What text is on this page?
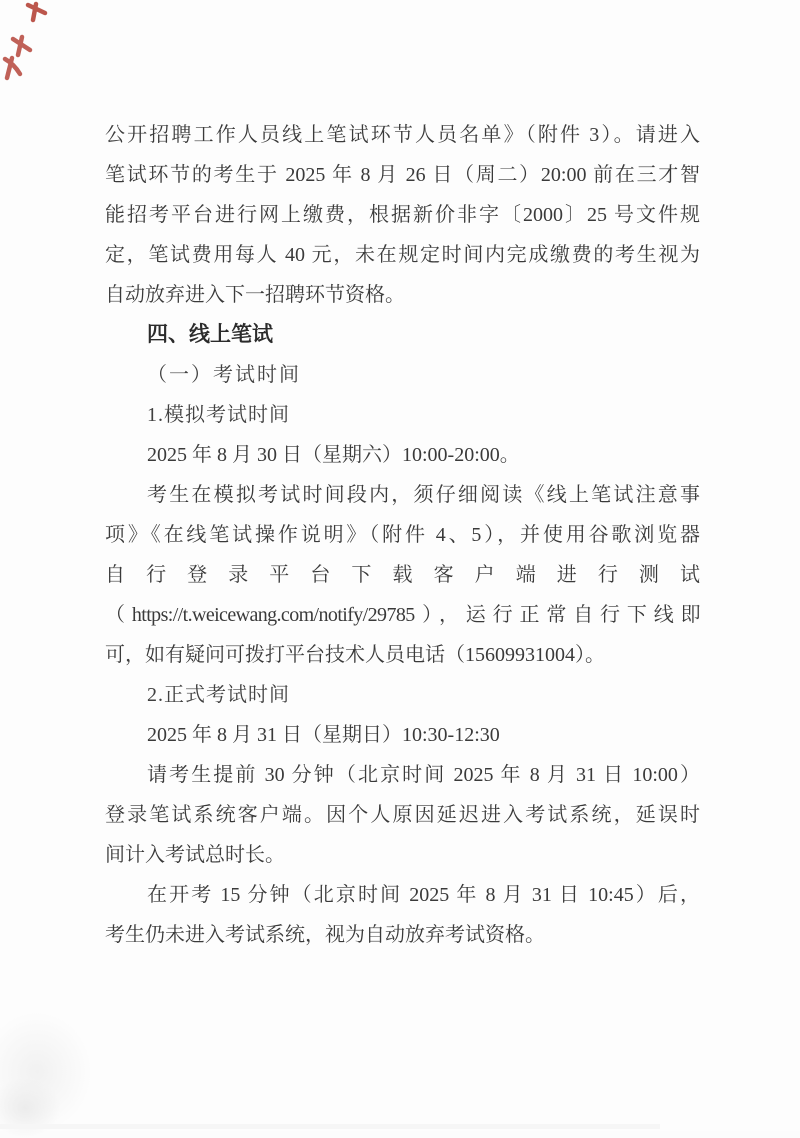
公开招聘工作人员线上笔试环节人员名单》（附件 3）。请进入
笔试环节的考生于 2025 年 8 月 26 日（周二）20:00 前在三才智
能招考平台进行网上缴费，根据新价非字〔2000〕25 号文件规
定，笔试费用每人 40 元，未在规定时间内完成缴费的考生视为
自动放弃进入下一招聘环节资格。
四、线上笔试
（一）考试时间
1.模拟考试时间
2025 年 8 月 30 日（星期六）10:00-20:00。
考生在模拟考试时间段内，须仔细阅读《线上笔试注意事
项》《在线笔试操作说明》（附件 4、5），并使用谷歌浏览器
自行登录平台下载客户端进行测试
（https://t.weicewang.com/notify/29785），运行正常自行下线即
可，如有疑问可拨打平台技术人员电话（15609931004）。
2.正式考试时间
2025 年 8 月 31 日（星期日）10:30-12:30
请考生提前 30 分钟（北京时间 2025 年 8 月 31 日 10:00）
登录笔试系统客户端。因个人原因延迟进入考试系统，延误时
间计入考试总时长。
在开考 15 分钟（北京时间 2025 年 8 月 31 日 10:45）后，
考生仍未进入考试系统，视为自动放弃考试资格。
